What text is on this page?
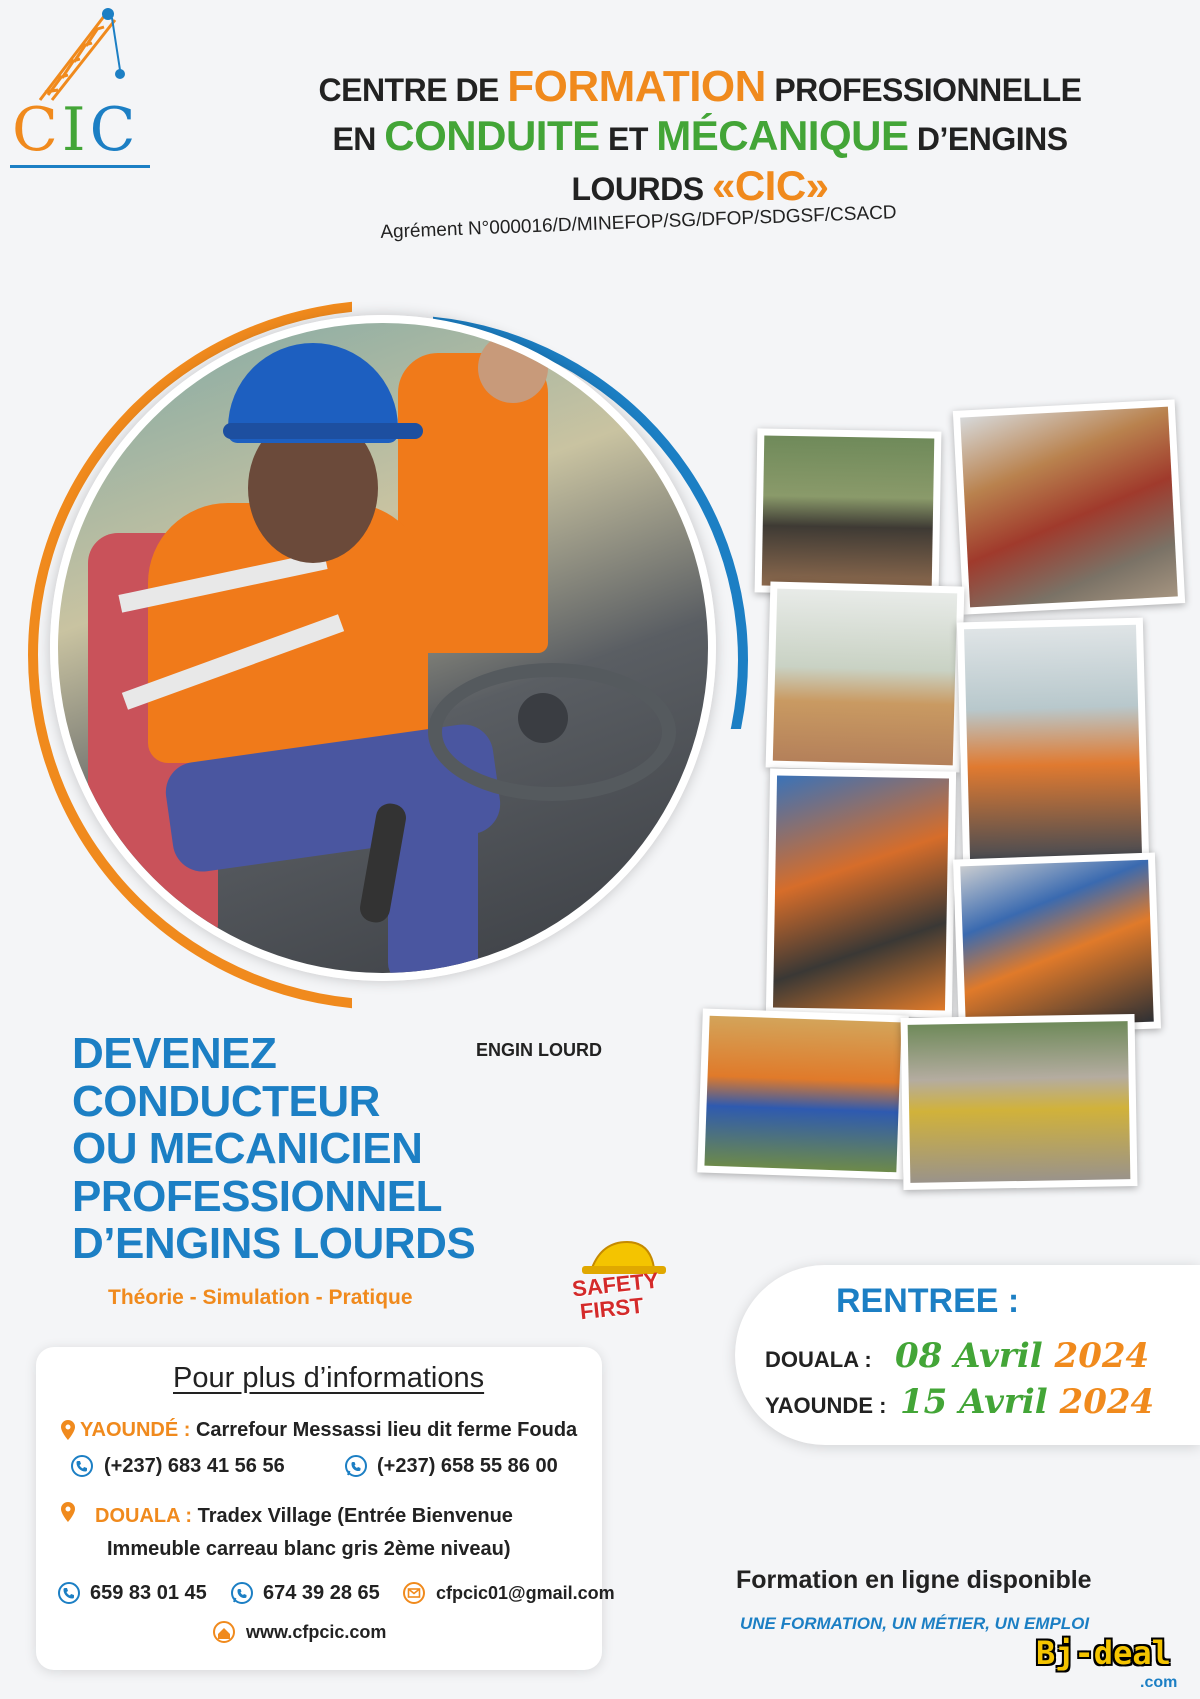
CIC
CENTRE DE FORMATION PROFESSIONNELLE
EN CONDUITE ET MÉCANIQUE D’ENGINS
LOURDS «CIC»
Agrément N°000016/D/MINEFOP/SG/DFOP/SDGSF/CSACD
DEVENEZ
CONDUCTEUR
OU MECANICIEN
PROFESSIONNEL
D’ENGINS LOURDS
ENGIN LOURD
Théorie - Simulation - Pratique	SAFETY
FIRST	RENTREE :
DOUALA : 08 Avril 2024
YAOUNDE : 15 Avril 2024
Pour plus d’informations
YAOUNDÉ : Carrefour Messassi lieu dit ferme Fouda
(+237) 683 41 56 56	(+237) 658 55 86 00
DOUALA : Tradex Village (Entrée Bienvenue
Immeuble carreau blanc gris 2ème niveau)
659 83 01 45	674 39 28 65	cfpcic01@gmail.com
www.cfpcic.com
Formation en ligne disponible
UNE FORMATION, UN MÉTIER, UN EMPLOI
Bj-deal
.com
